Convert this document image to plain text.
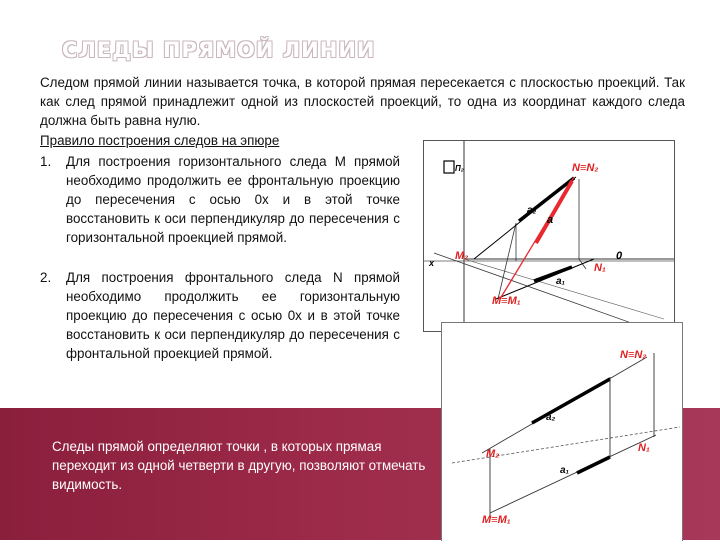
СЛЕДЫ ПРЯМОЙ ЛИНИИ
Следом прямой линии называется точка, в которой прямая пересекается с плоскостью проекций. Так как след прямой принадлежит одной из плоскостей проекций, то одна из координат каждого следа должна быть равна нулю.
Правило построения следов на эпюре
1. Для построения горизонтального следа М прямой необходимо продолжить ее фронтальную проекцию до пересечения с осью 0х и в этой точке восстановить к оси перпендикуляр до пересечения с горизонтальной проекцией прямой.
2. Для построения фронтального следа N прямой необходимо продолжить ее горизонтальную проекцию до пересечения с осью 0х и в этой точке восстановить к оси перпендикуляр до пересечения с фронтальной проекцией прямой.
Следы прямой определяют точки , в которых прямая переходит из одной четверти в другую, позволяют отмечать видимость.
П₂	N≡N₂
a₂
a
M₂
x
0
N₁
a₁
M≡M₁
N≡N₂
a₂
M₂	N₁
a₁
M≡M₁
